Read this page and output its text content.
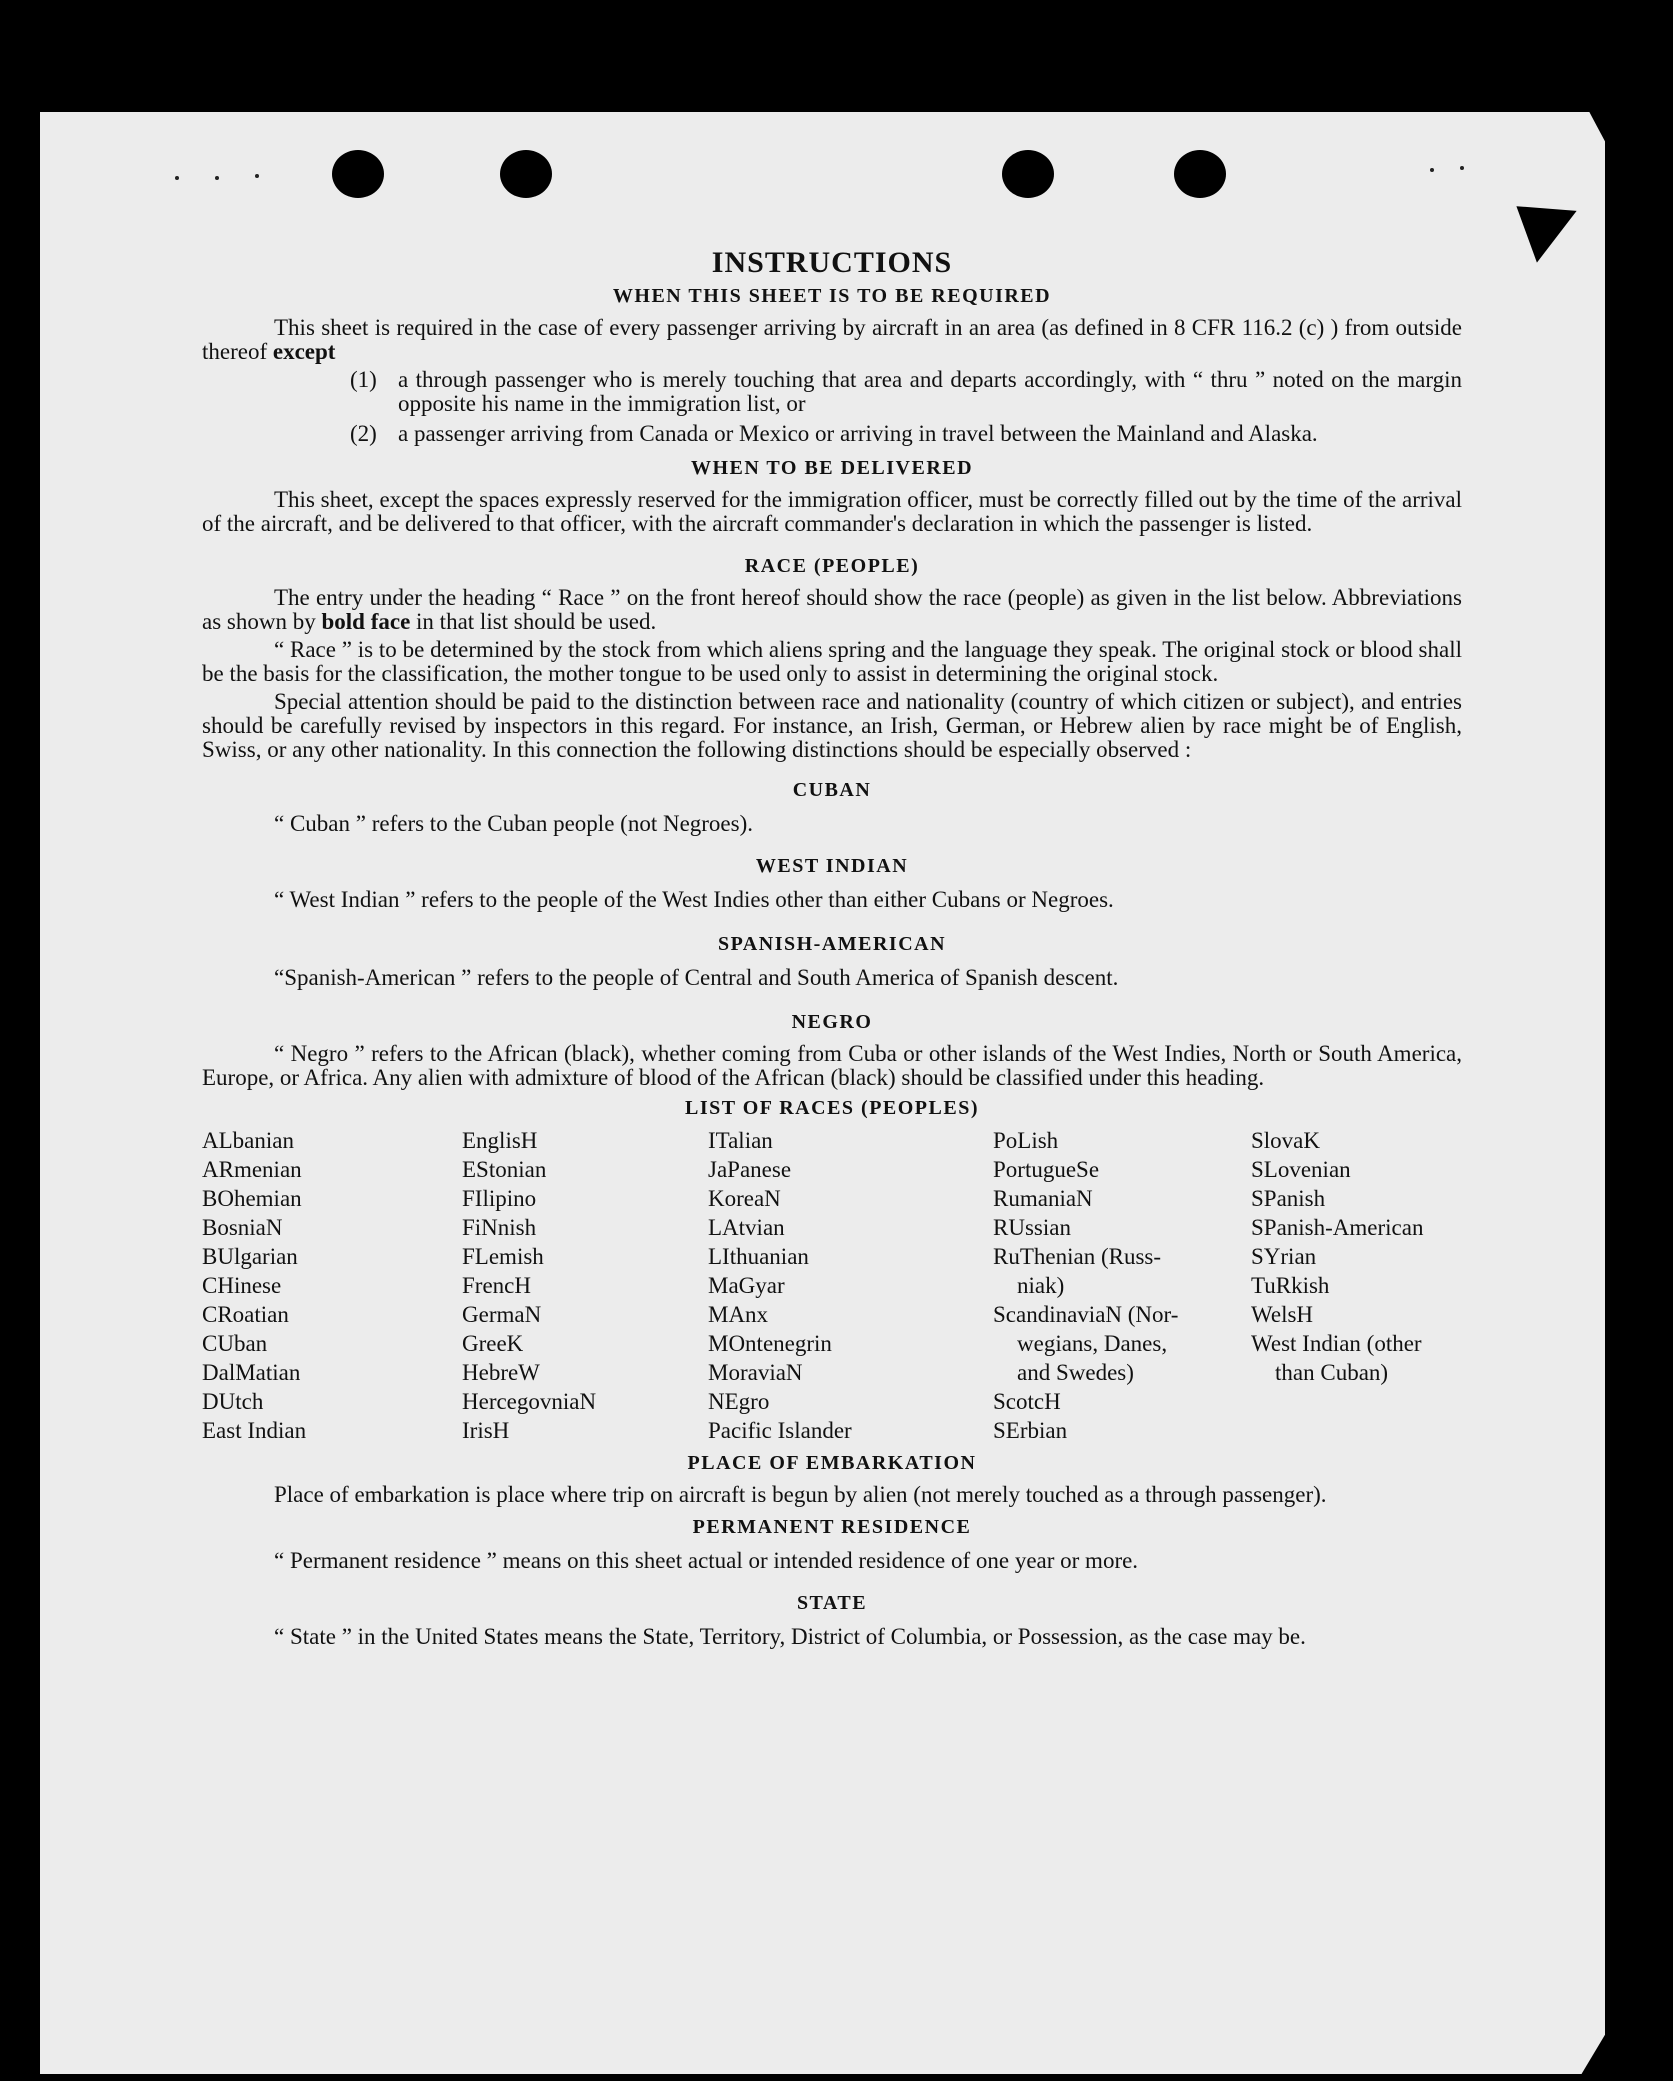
INSTRUCTIONS
WHEN THIS SHEET IS TO BE REQUIRED

This sheet is required in the case of every passenger arriving by aircraft in an area (as defined in 8 CFR 116.2 (c) ) from outside thereof except

(1) a through passenger who is merely touching that area and departs accordingly, with “ thru ” noted on the margin opposite his name in the immigration list, or
(2) a passenger arriving from Canada or Mexico or arriving in travel between the Mainland and Alaska.
WHEN TO BE DELIVERED

This sheet, except the spaces expressly reserved for the immigration officer, must be correctly filled out by the time of the arrival of the aircraft, and be delivered to that officer, with the aircraft commander's declaration in which the passenger is listed.

RACE (PEOPLE)

The entry under the heading “ Race ” on the front hereof should show the race (people) as given in the list below. Abbreviations as shown by bold face in that list should be used.

“ Race ” is to be determined by the stock from which aliens spring and the language they speak. The original stock or blood shall be the basis for the classification, the mother tongue to be used only to assist in determining the original stock.

Special attention should be paid to the distinction between race and nationality (country of which citizen or subject), and entries should be carefully revised by inspectors in this regard. For instance, an Irish, German, or Hebrew alien by race might be of English, Swiss, or any other nationality. In this connection the following distinctions should be especially observed :

CUBAN

“ Cuban ” refers to the Cuban people (not Negroes).

WEST INDIAN

“ West Indian ” refers to the people of the West Indies other than either Cubans or Negroes.

SPANISH-AMERICAN

“Spanish-American ” refers to the people of Central and South America of Spanish descent.

NEGRO

“ Negro ” refers to the African (black), whether coming from Cuba or other islands of the West Indies, North or South America, Europe, or Africa. Any alien with admixture of blood of the African (black) should be classified under this heading.

LIST OF RACES (PEOPLES)
ALbanian
ARmenian
BOhemian
BosniaN
BUlgarian
CHinese
CRoatian
CUban
DalMatian
DUtch
East Indian
EnglisH
EStonian
FIlipino
FiNnish
FLemish
FrencH
GermaN
GreeK
HebreW
HercegovniaN
IrisH
ITalian
JaPanese
KoreaN
LAtvian
LIthuanian
MaGyar
MAnx
MOntenegrin
MoraviaN
NEgro
Pacific Islander
PoLish
PortugueSe
RumaniaN
RUssian
RuThenian (Russ-
niak)
ScandinaviaN (Nor-
wegians, Danes,
and Swedes)
ScotcH
SErbian
SlovaK
SLovenian
SPanish
SPanish-American
SYrian
TuRkish
WelsH
West Indian (other
than Cuban)
PLACE OF EMBARKATION

Place of embarkation is place where trip on aircraft is begun by alien (not merely touched as a through passenger).

PERMANENT RESIDENCE

“ Permanent residence ” means on this sheet actual or intended residence of one year or more.

STATE

“ State ” in the United States means the State, Territory, District of Columbia, or Possession, as the case may be.
